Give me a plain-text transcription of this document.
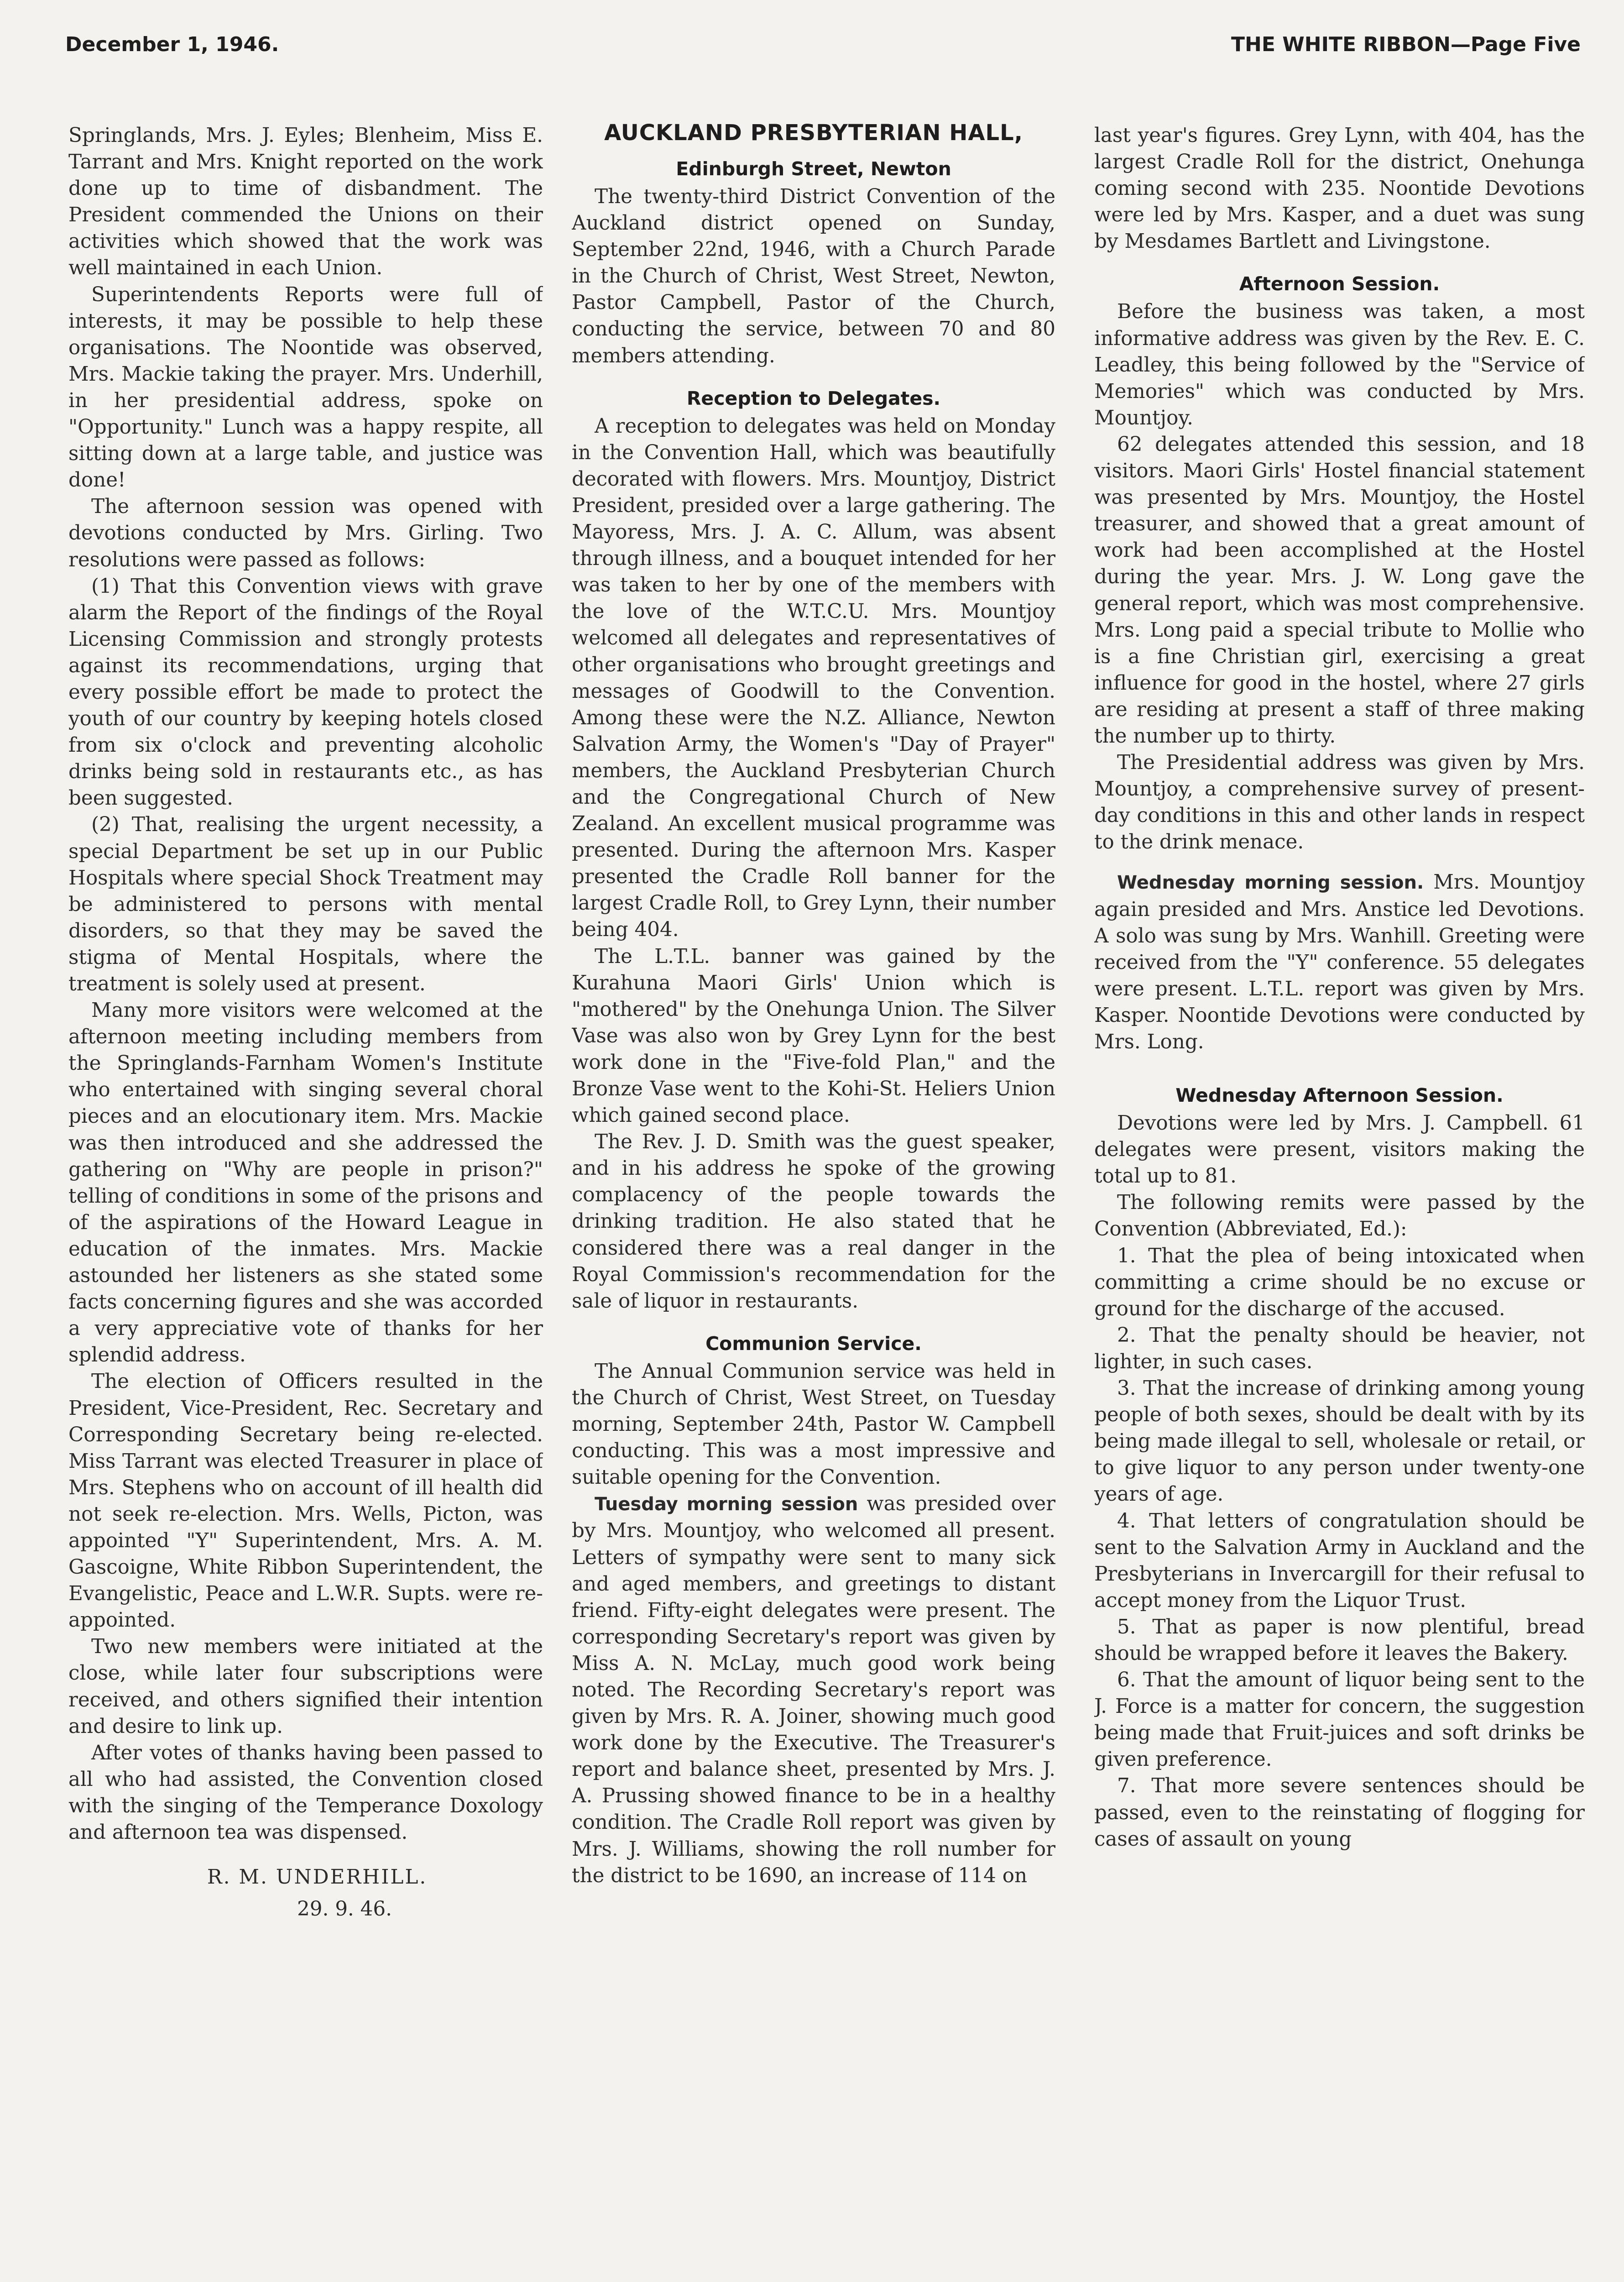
December 1, 1946.	THE WHITE RIBBON—Page Five

Springlands, Mrs. J. Eyles; Blenheim, Miss E. Tarrant and Mrs. Knight reported on the work done up to time of disbandment. The President commended the Unions on their activities which showed that the work was well maintained in each Union.

Superintendents Reports were full of interests, it may be possible to help these organisations. The Noontide was observed, Mrs. Mackie taking the prayer. Mrs. Underhill, in her presidential address, spoke on "Opportunity." Lunch was a happy respite, all sitting down at a large table, and justice was done!

The afternoon session was opened with devotions conducted by Mrs. Girling. Two resolutions were passed as follows:

(1) That this Convention views with grave alarm the Report of the findings of the Royal Licensing Commission and strongly protests against its recommendations, urging that every possible effort be made to protect the youth of our country by keeping hotels closed from six o'clock and preventing alcoholic drinks being sold in restaurants etc., as has been suggested.

(2) That, realising the urgent necessity, a special Department be set up in our Public Hospitals where special Shock Treatment may be administered to persons with mental disorders, so that they may be saved the stigma of Mental Hospitals, where the treatment is solely used at present.

Many more visitors were welcomed at the afternoon meeting including members from the Springlands-Farnham Women's Institute who entertained with singing several choral pieces and an elocutionary item. Mrs. Mackie was then introduced and she addressed the gathering on "Why are people in prison?" telling of conditions in some of the prisons and of the aspirations of the Howard League in education of the inmates. Mrs. Mackie astounded her listeners as she stated some facts concerning figures and she was accorded a very appreciative vote of thanks for her splendid address.

The election of Officers resulted in the President, Vice-President, Rec. Secretary and Corresponding Secretary being re-elected. Miss Tarrant was elected Treasurer in place of Mrs. Stephens who on account of ill health did not seek re-election. Mrs. Wells, Picton, was appointed "Y" Superintendent, Mrs. A. M. Gascoigne, White Ribbon Superintendent, the Evangelistic, Peace and L.W.R. Supts. were re-appointed.

Two new members were initiated at the close, while later four subscriptions were received, and others signified their intention and desire to link up.

After votes of thanks having been passed to all who had assisted, the Convention closed with the singing of the Temperance Doxology and afternoon tea was dispensed.

R. M. UNDERHILL.

29. 9. 46.

AUCKLAND PRESBYTERIAN HALL,
Edinburgh Street, Newton

The twenty-third District Convention of the Auckland district opened on Sunday, September 22nd, 1946, with a Church Parade in the Church of Christ, West Street, Newton, Pastor Campbell, Pastor of the Church, conducting the service, between 70 and 80 members attending.

Reception to Delegates.

A reception to delegates was held on Monday in the Convention Hall, which was beautifully decorated with flowers. Mrs. Mountjoy, District President, presided over a large gathering. The Mayoress, Mrs. J. A. C. Allum, was absent through illness, and a bouquet intended for her was taken to her by one of the members with the love of the W.T.C.U. Mrs. Mountjoy welcomed all delegates and representatives of other organisations who brought greetings and messages of Goodwill to the Convention. Among these were the N.Z. Alliance, Newton Salvation Army, the Women's "Day of Prayer" members, the Auckland Presbyterian Church and the Congregational Church of New Zealand. An excellent musical programme was presented. During the afternoon Mrs. Kasper presented the Cradle Roll banner for the largest Cradle Roll, to Grey Lynn, their number being 404.

The L.T.L. banner was gained by the Kurahuna Maori Girls' Union which is "mothered" by the Onehunga Union. The Silver Vase was also won by Grey Lynn for the best work done in the "Five-fold Plan," and the Bronze Vase went to the Kohi-St. Heliers Union which gained second place.

The Rev. J. D. Smith was the guest speaker, and in his address he spoke of the growing complacency of the people towards the drinking tradition. He also stated that he considered there was a real danger in the Royal Commission's recommendation for the sale of liquor in restaurants.

Communion Service.

The Annual Communion service was held in the Church of Christ, West Street, on Tuesday morning, September 24th, Pastor W. Campbell conducting. This was a most impressive and suitable opening for the Convention.

Tuesday morning session was presided over by Mrs. Mountjoy, who welcomed all present. Letters of sympathy were sent to many sick and aged members, and greetings to distant friend. Fifty-eight delegates were present. The corresponding Secretary's report was given by Miss A. N. McLay, much good work being noted. The Recording Secretary's report was given by Mrs. R. A. Joiner, showing much good work done by the Executive. The Treasurer's report and balance sheet, presented by Mrs. J. A. Prussing showed finance to be in a healthy condition. The Cradle Roll report was given by Mrs. J. Williams, showing the roll number for the district to be 1690, an increase of 114 on

last year's figures. Grey Lynn, with 404, has the largest Cradle Roll for the district, Onehunga coming second with 235. Noontide Devotions were led by Mrs. Kasper, and a duet was sung by Mesdames Bartlett and Livingstone.

Afternoon Session.

Before the business was taken, a most informative address was given by the Rev. E. C. Leadley, this being followed by the "Service of Memories" which was conducted by Mrs. Mountjoy.

62 delegates attended this session, and 18 visitors. Maori Girls' Hostel financial statement was presented by Mrs. Mountjoy, the Hostel treasurer, and showed that a great amount of work had been accomplished at the Hostel during the year. Mrs. J. W. Long gave the general report, which was most comprehensive. Mrs. Long paid a special tribute to Mollie who is a fine Christian girl, exercising a great influence for good in the hostel, where 27 girls are residing at present a staff of three making the number up to thirty.

The Presidential address was given by Mrs. Mountjoy, a comprehensive survey of present-day conditions in this and other lands in respect to the drink menace.

Wednesday morning session. Mrs. Mountjoy again presided and Mrs. Anstice led Devotions. A solo was sung by Mrs. Wanhill. Greeting were received from the "Y" conference. 55 delegates were present. L.T.L. report was given by Mrs. Kasper. Noontide Devotions were conducted by Mrs. Long.

Wednesday Afternoon Session.

Devotions were led by Mrs. J. Campbell. 61 delegates were present, visitors making the total up to 81.

The following remits were passed by the Convention (Abbreviated, Ed.):

1. That the plea of being intoxicated when committing a crime should be no excuse or ground for the discharge of the accused.

2. That the penalty should be heavier, not lighter, in such cases.

3. That the increase of drinking among young people of both sexes, should be dealt with by its being made illegal to sell, wholesale or retail, or to give liquor to any person under twenty-one years of age.

4. That letters of congratulation should be sent to the Salvation Army in Auckland and the Presbyterians in Invercargill for their refusal to accept money from the Liquor Trust.

5. That as paper is now plentiful, bread should be wrapped before it leaves the Bakery.

6. That the amount of liquor being sent to the J. Force is a matter for concern, the suggestion being made that Fruit-juices and soft drinks be given preference.

7. That more severe sentences should be passed, even to the reinstating of flogging for cases of assault on young
